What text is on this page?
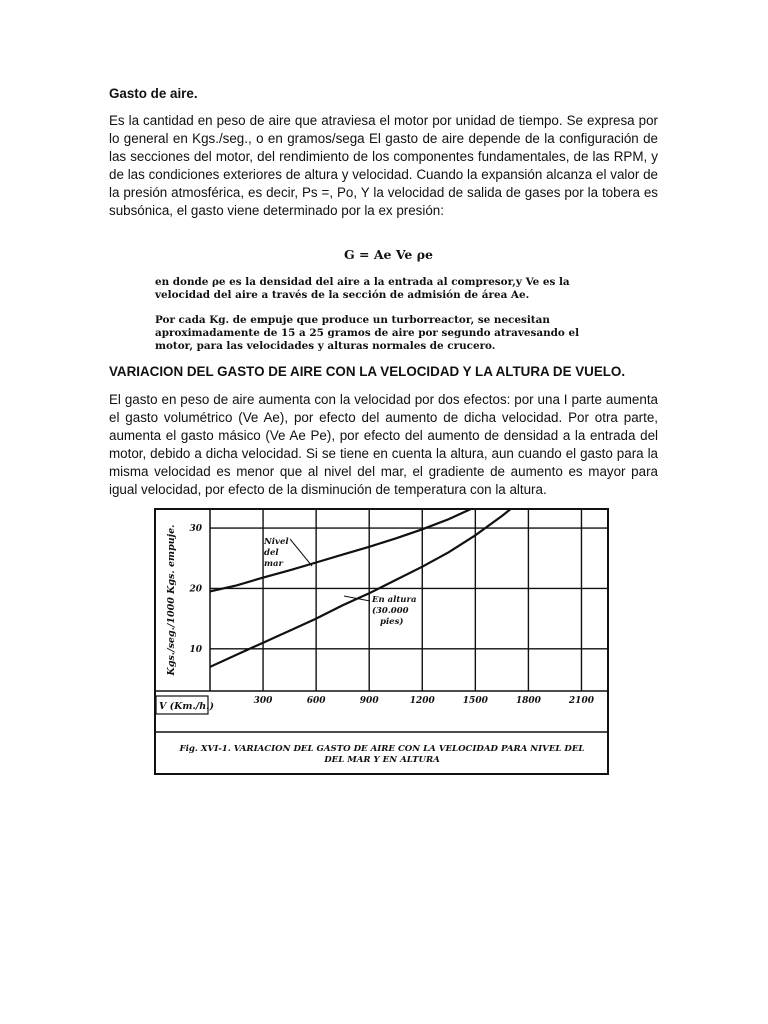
Gasto de aire.
Es la cantidad en peso de aire que atraviesa el motor por unidad de tiempo. Se expresa por lo general en Kgs./seg., o en gramos/sega El gasto de aire depende de la configuración de las secciones del motor, del rendimiento de los componentes fundamentales, de las RPM, y de las condiciones exteriores de altura y velocidad. Cuando la expansión alcanza el valor de la presión atmosférica, es decir, Ps =, Po, Y la velocidad de salida de gases por la tobera es subsónica, el gasto viene determinado por la ex presión:
G = Ae Ve ρe
en donde ρe es la densidad del aire a la entrada al compresor,y Ve es la velocidad del aire a través de la sección de admisión de área Ae.
Por cada Kg. de empuje que produce un turborreactor, se necesitan aproximadamente de 15 a 25 gramos de aire por segundo atravesando el motor, para las velocidades y alturas normales de crucero.
VARIACION DEL GASTO DE AIRE CON LA VELOCIDAD Y LA ALTURA DE VUELO.
El gasto en peso de aire aumenta con la velocidad por dos efectos: por una I parte aumenta el gasto volumétrico (Ve Ae), por efecto del aumento de dicha velocidad. Por otra parte, aumenta el gasto másico (Ve Ae Pe), por efecto del aumento de densidad a la entrada del motor, debido a dicha velocidad. Si se tiene en cuenta la altura, aun cuando el gasto para la misma velocidad es menor que al nivel del mar, el gradiente de aumento es mayor para igual velocidad, por efecto de la disminución de temperatura con la altura.
300	600	900	1200	1500	1800	2100
10
20
30
Kgs./seg./1000 Kgs. empuje.
V (Km./h.)
Nivel
del
mar
En altura
(30.000
pies)
Fig. XVI-1. VARIACION DEL GASTO DE AIRE CON LA VELOCIDAD PARA NIVEL DEL
DEL MAR Y EN ALTURA
